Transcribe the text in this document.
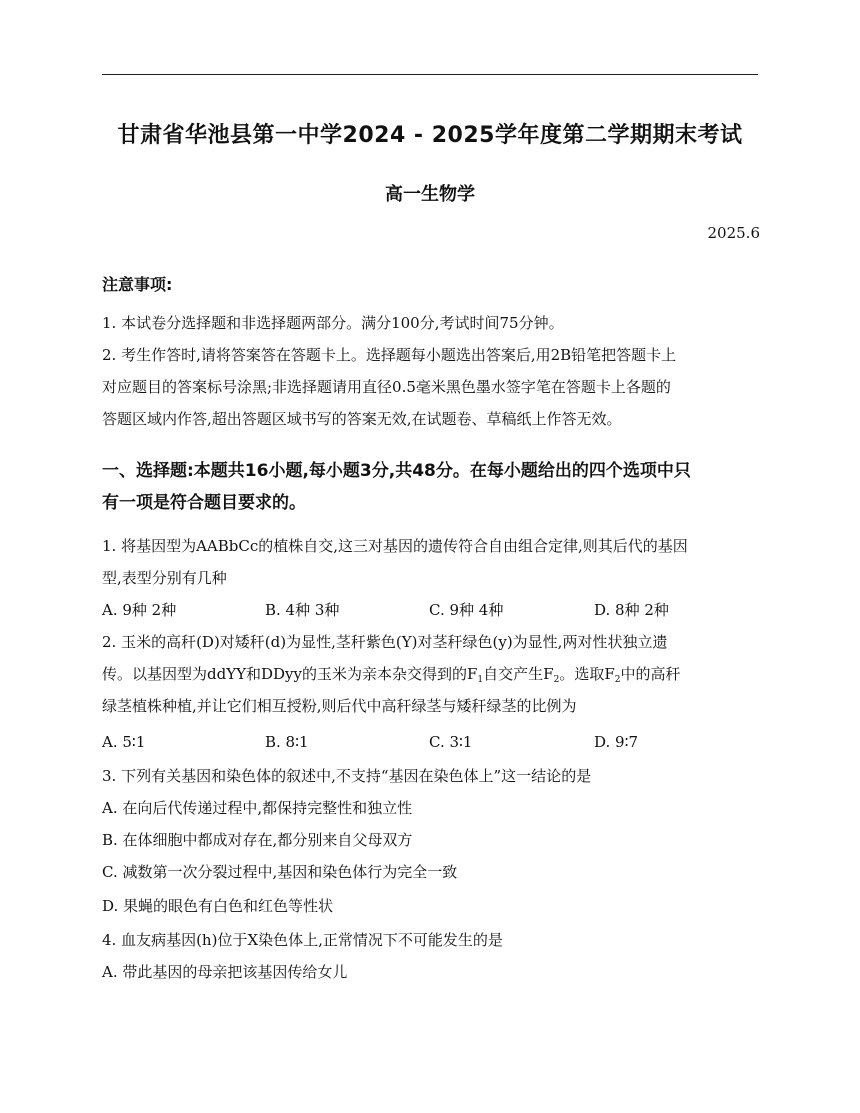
甘肃省华池县第一中学2024 - 2025学年度第二学期期末考试
高一生物学
2025.6
注意事项:
1. 本试卷分选择题和非选择题两部分。满分100分,考试时间75分钟。
2. 考生作答时,请将答案答在答题卡上。选择题每小题选出答案后,用2B铅笔把答题卡上
对应题目的答案标号涂黑;非选择题请用直径0.5毫米黑色墨水签字笔在答题卡上各题的
答题区域内作答,超出答题区域书写的答案无效,在试题卷、草稿纸上作答无效。
一、选择题:本题共16小题,每小题3分,共48分。在每小题给出的四个选项中只
有一项是符合题目要求的。
1. 将基因型为AABbCc的植株自交,这三对基因的遗传符合自由组合定律,则其后代的基因
型,表型分别有几种
A. 9种 2种	B. 4种 3种	C. 9种 4种	D. 8种 2种
2. 玉米的高秆(D)对矮秆(d)为显性,茎秆紫色(Y)对茎秆绿色(y)为显性,两对性状独立遗
传。以基因型为ddYY和DDyy的玉米为亲本杂交得到的$F_1$自交产生$F_2$。选取$F_2$中的高秆
绿茎植株种植,并让它们相互授粉,则后代中高秆绿茎与矮秆绿茎的比例为
A. 5∶1	B. 8∶1	C. 3∶1	D. 9∶7
3. 下列有关基因和染色体的叙述中,不支持“基因在染色体上”这一结论的是
A. 在向后代传递过程中,都保持完整性和独立性
B. 在体细胞中都成对存在,都分别来自父母双方
C. 减数第一次分裂过程中,基因和染色体行为完全一致
D. 果蝇的眼色有白色和红色等性状
4. 血友病基因(h)位于X染色体上,正常情况下不可能发生的是
A. 带此基因的母亲把该基因传给女儿
